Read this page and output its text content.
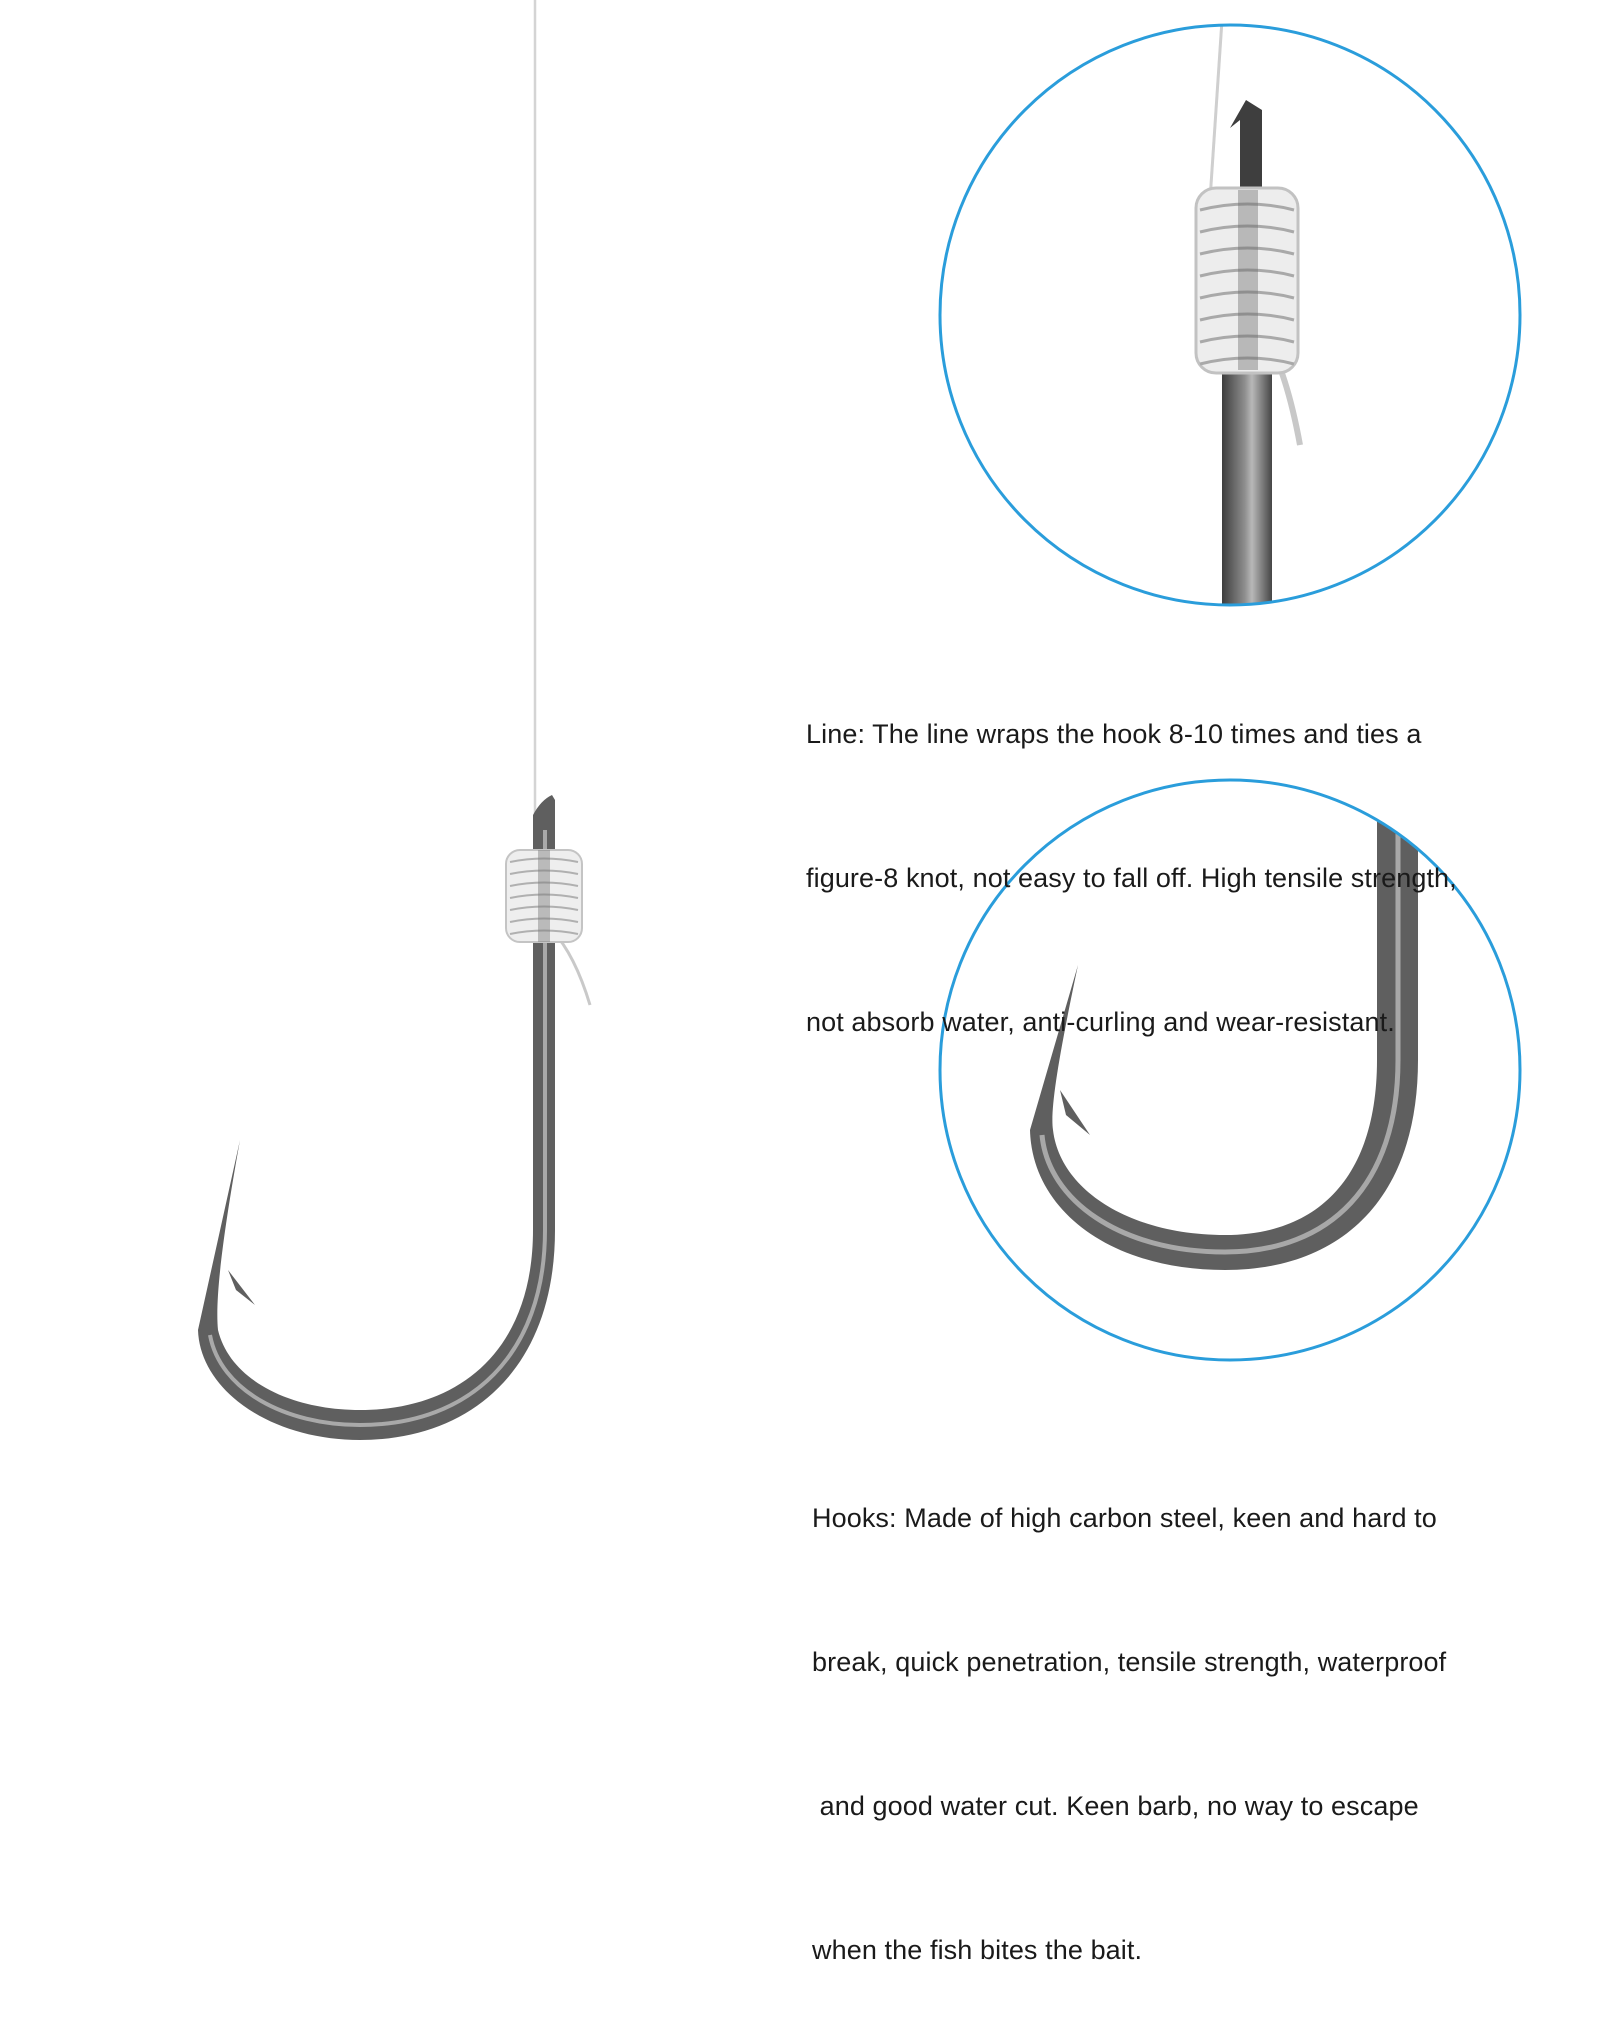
Line: The line wraps the hook 8-10 times and ties a

figure-8 knot, not easy to fall off. High tensile strength,

not absorb water, anti-curling and wear-resistant.

Hooks: Made of high carbon steel, keen and hard to

break, quick penetration, tensile strength, waterproof

and good water cut. Keen barb, no way to escape

when the fish bites the bait.
